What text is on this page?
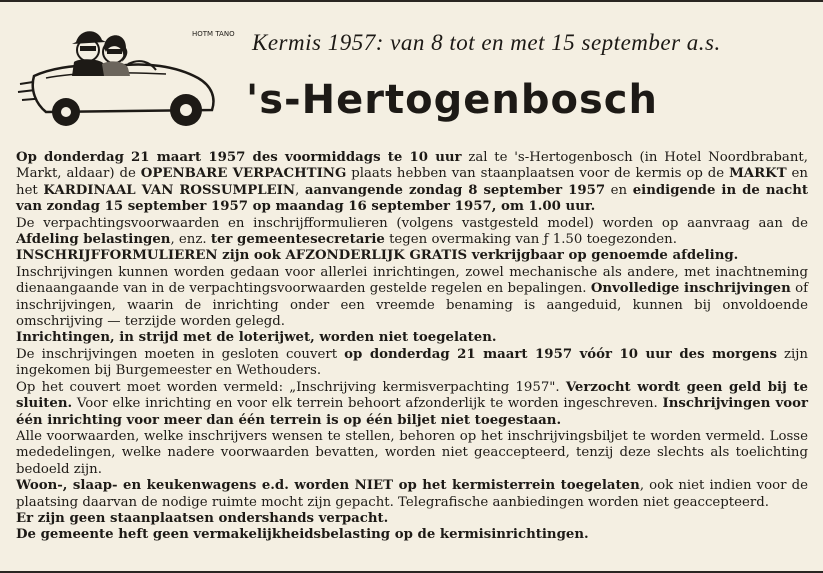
HOTM TANO Kermis 1957: van 8 tot en met 15 september a.s.
's-Hertogenbosch

Op donderdag 21 maart 1957 des voormiddags te 10 uur zal te 's-Hertogenbosch (in Hotel Noordbrabant, Markt, aldaar) de OPENBARE VERPACHTING plaats hebben van staanplaatsen voor de kermis op de MARKT en het KARDINAAL VAN ROSSUMPLEIN, aanvangende zondag 8 september 1957 en eindigende in de nacht van zondag 15 september 1957 op maandag 16 september 1957, om 1.00 uur.

De verpachtingsvoorwaarden en inschrijfformulieren (volgens vastgesteld model) worden op aanvraag aan de Afdeling belastingen, enz. ter gemeentesecretarie tegen overmaking van ƒ 1.50 toegezonden.

INSCHRIJFFORMULIEREN zijn ook AFZONDERLIJK GRATIS verkrijgbaar op genoemde afdeling.

Inschrijvingen kunnen worden gedaan voor allerlei inrichtingen, zowel mechanische als andere, met inachtneming dienaangaande van in de verpachtingsvoorwaarden gestelde regelen en bepalingen. Onvolledige inschrijvingen of inschrijvingen, waarin de inrichting onder een vreemde benaming is aangeduid, kunnen bij onvoldoende omschrijving — terzijde worden gelegd.

Inrichtingen, in strijd met de loterijwet, worden niet toegelaten.

De inschrijvingen moeten in gesloten couvert op donderdag 21 maart 1957 vóór 10 uur des morgens zijn ingekomen bij Burgemeester en Wethouders.

Op het couvert moet worden vermeld: „Inschrijving kermisverpachting 1957". Verzocht wordt geen geld bij te sluiten. Voor elke inrichting en voor elk terrein behoort afzonderlijk te worden ingeschreven. Inschrijvingen voor één inrichting voor meer dan één terrein is op één biljet niet toegestaan.

Alle voorwaarden, welke inschrijvers wensen te stellen, behoren op het inschrijvingsbiljet te worden vermeld. Losse mededelingen, welke nadere voorwaarden bevatten, worden niet geaccepteerd, tenzij deze slechts als toelichting bedoeld zijn.

Woon-, slaap- en keukenwagens e.d. worden NIET op het kermisterrein toegelaten, ook niet indien voor de plaatsing daarvan de nodige ruimte mocht zijn gepacht. Telegrafische aanbiedingen worden niet geaccepteerd.

Er zijn geen staanplaatsen ondershands verpacht.

De gemeente heft geen vermakelijkheidsbelasting op de kermisinrichtingen.
